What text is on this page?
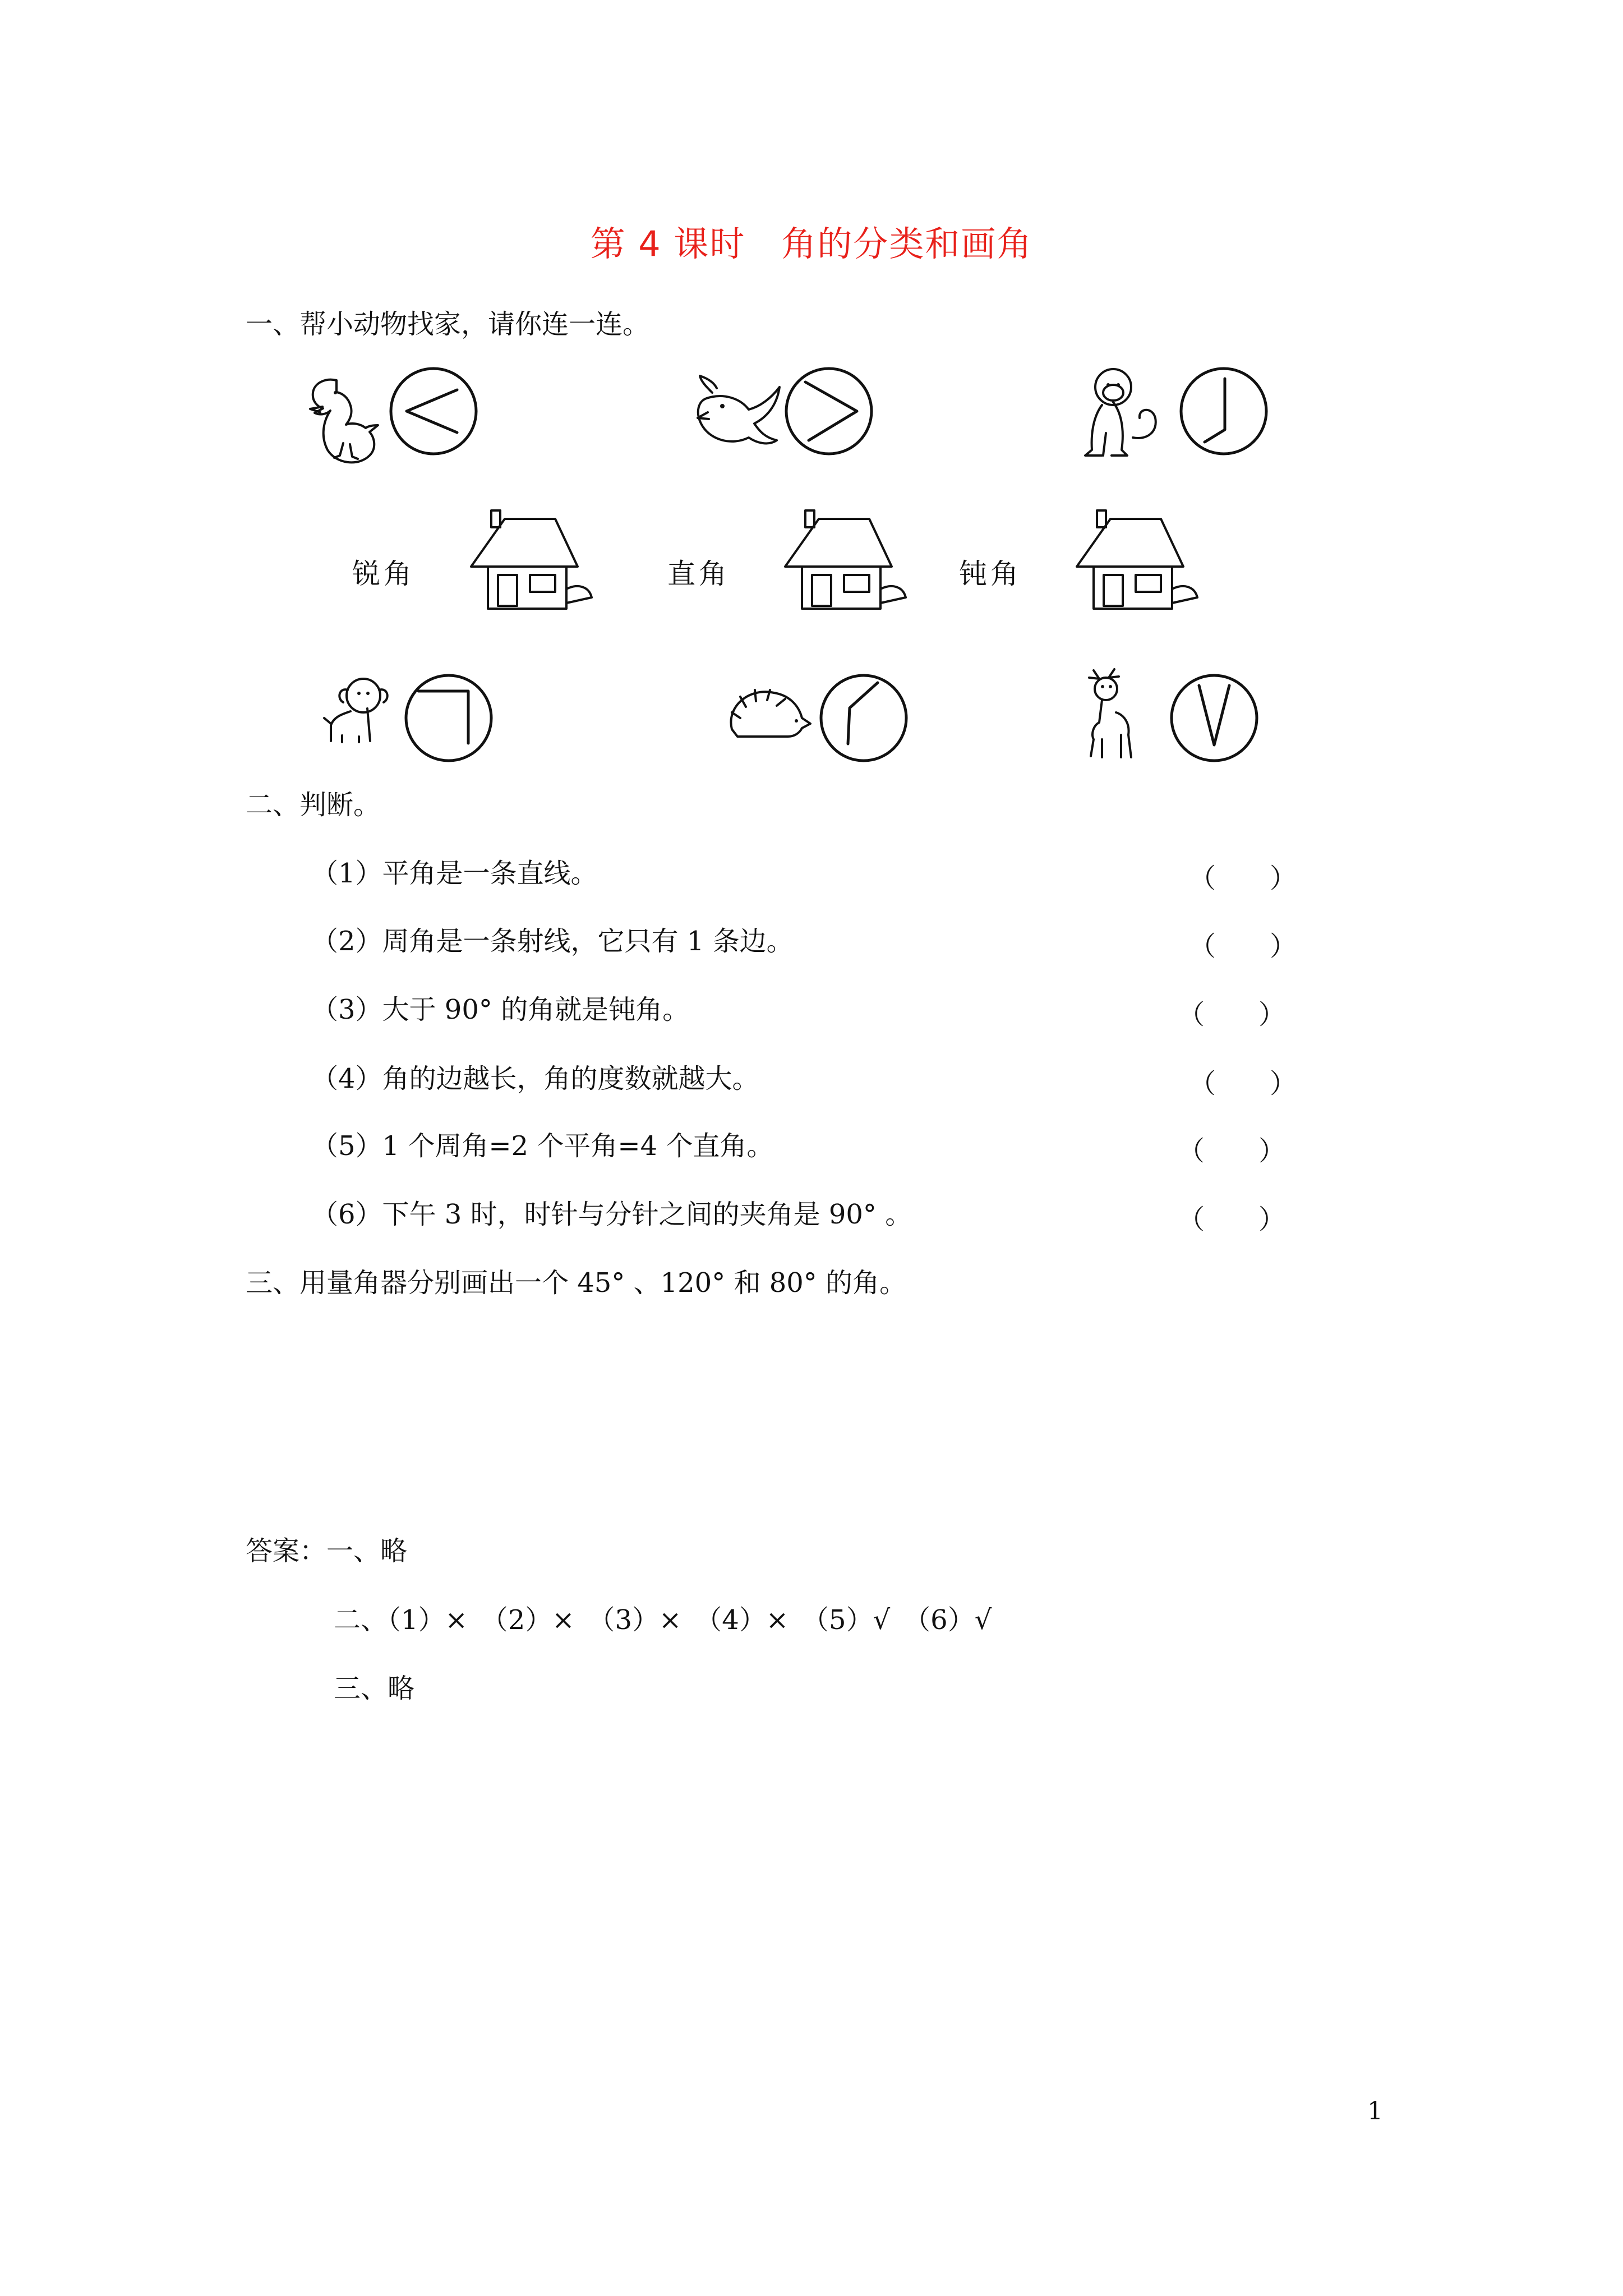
第 4 课时　角的分类和画角
一、帮小动物找家，请你连一连。
锐角	直角	钝角
二、判断。
（1）平角是一条直线。	（　　）
（2）周角是一条射线，它只有 1 条边。	（　　）
（3）大于 90° 的角就是钝角。	（　　）
（4）角的边越长，角的度数就越大。	（　　）
（5）1 个周角=2 个平角=4 个直角。	（　　）
（6）下午 3 时，时针与分针之间的夹角是 90° 。	（　　）
三、用量角器分别画出一个 45° 、120° 和 80° 的角。
答案：一、略
二、（1）×　（2）×　（3）×　（4）×　（5）√　（6）√
三、略
1
